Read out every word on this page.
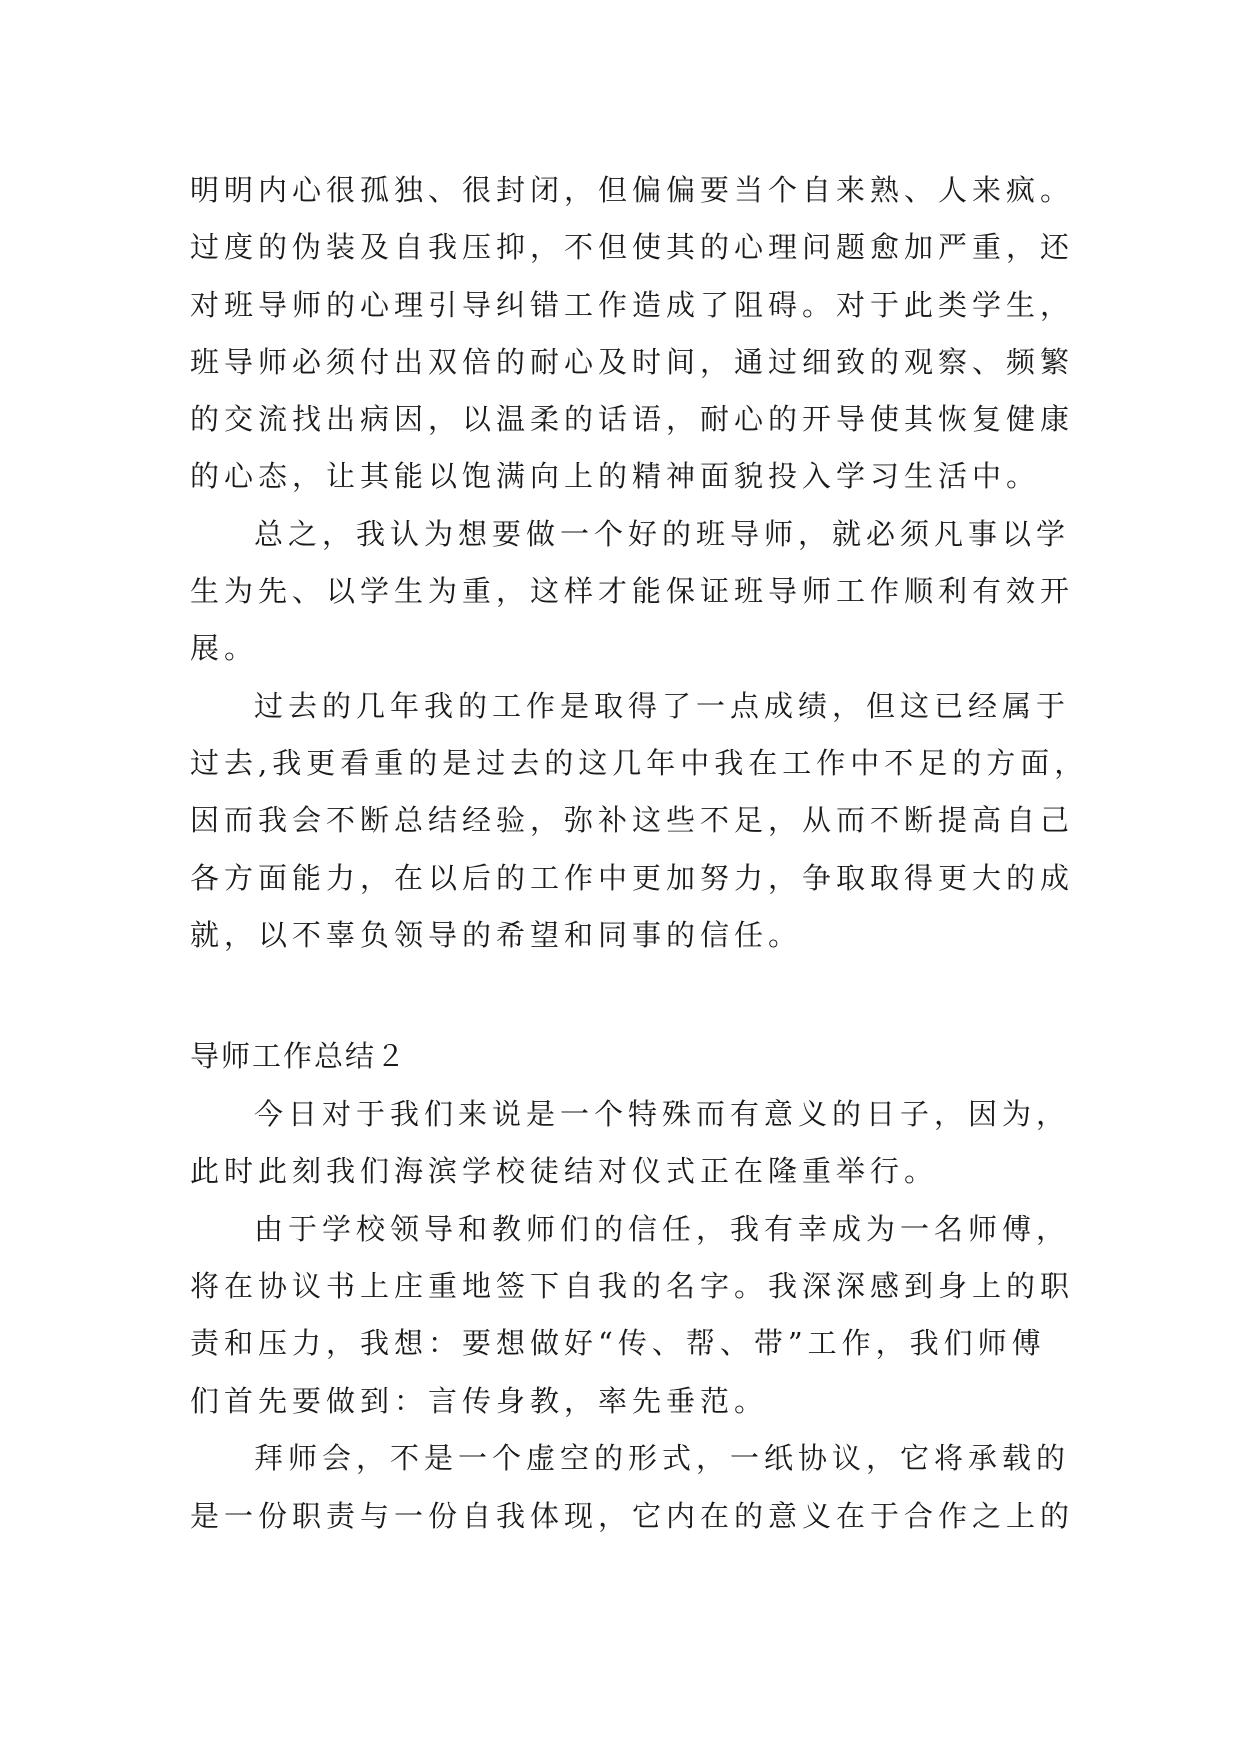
明明内心很孤独、很封闭，但偏偏要当个自来熟、人来疯。
过度的伪装及自我压抑，不但使其的心理问题愈加严重，还
对班导师的心理引导纠错工作造成了阻碍。对于此类学生，
班导师必须付出双倍的耐心及时间，通过细致的观察、频繁
的交流找出病因，以温柔的话语，耐心的开导使其恢复健康
的心态，让其能以饱满向上的精神面貌投入学习生活中。
总之，我认为想要做一个好的班导师，就必须凡事以学
生为先、以学生为重，这样才能保证班导师工作顺利有效开
展。
过去的几年我的工作是取得了一点成绩，但这已经属于
过去,我更看重的是过去的这几年中我在工作中不足的方面，
因而我会不断总结经验，弥补这些不足，从而不断提高自己
各方面能力，在以后的工作中更加努力，争取取得更大的成
就，以不辜负领导的希望和同事的信任。
导师工作总结２
今日对于我们来说是一个特殊而有意义的日子，因为，
此时此刻我们海滨学校徒结对仪式正在隆重举行。
由于学校领导和教师们的信任，我有幸成为一名师傅，
将在协议书上庄重地签下自我的名字。我深深感到身上的职
责和压力，我想：要想做好“传、帮、带”工作，我们师傅
们首先要做到：言传身教，率先垂范。
拜师会，不是一个虚空的形式，一纸协议，它将承载的
是一份职责与一份自我体现，它内在的意义在于合作之上的
